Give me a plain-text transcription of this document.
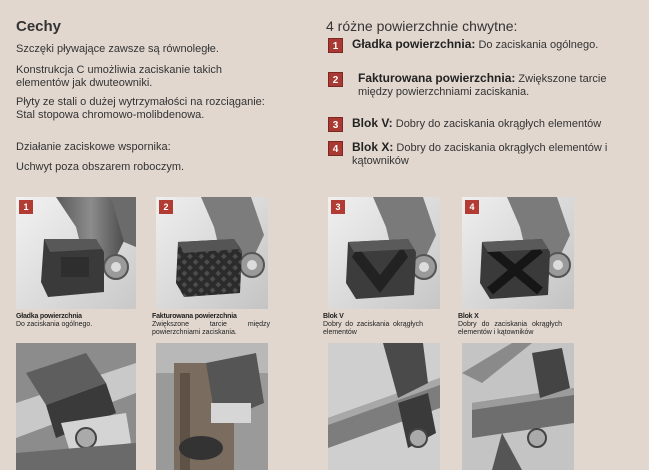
Cechy
Szczęki pływające zawsze są równoległe.
Konstrukcja C umożliwia zaciskanie takich elementów jak dwuteowniki.
Płyty ze stali o dużej wytrzymałości na rozciąganie: Stal stopowa chromowo-molibdenowa.
Działanie zaciskowe wspornika:
Uchwyt poza obszarem roboczym.
4 różne powierzchnie chwytne:
1	Gładka powierzchnia: Do zaciskania ogólnego.
2	Fakturowana powierzchnia: Zwiększone tarcie między powierzchniami zaciskania.
3	Blok V: Dobry do zaciskania okrągłych elementów
4	Blok X: Dobry do zaciskania okrągłych elementów i kątowników
1	2	3	4
Gładka powierzchnia
Do zaciskania ogólnego.
Fakturowana powierzchnia
Zwiększone tarcie między powierzchniami zaciskania.
Blok V
Dobry do zaciskania okrągłych elementów
Blok X
Dobry do zaciskania okrągłych elementów i kątowników
